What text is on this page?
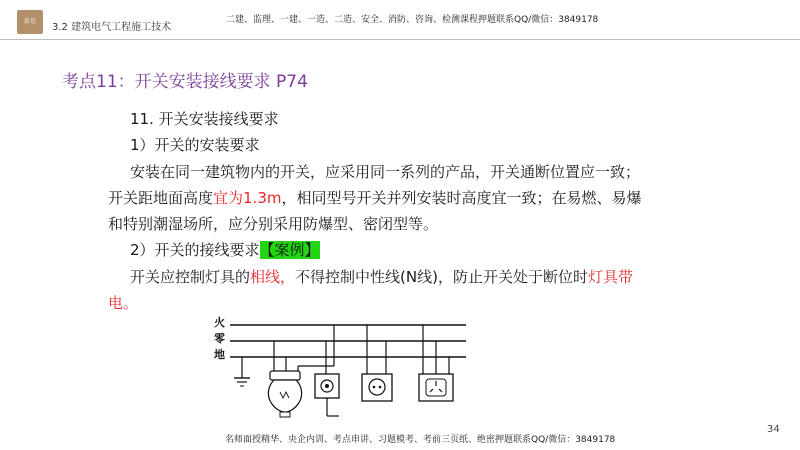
新思
3.2 建筑电气工程施工技术
二建、监理、一建、一造、二造、安全、消防、咨询、检测课程押题联系QQ/微信：3849178
考点11：开关安装接线要求 P74

11. 开关安装接线要求

1）开关的安装要求

安装在同一建筑物内的开关，应采用同一系列的产品，开关通断位置应一致；开关距地面高度宜为1.3m，相同型号开关并列安装时高度宜一致；在易燃、易爆和特别潮湿场所，应分别采用防爆型、密闭型等。

2）开关的接线要求【案例】

开关应控制灯具的相线，不得控制中性线(N线)，防止开关处于断位时灯具带电。

火
零
地
名师面授精华、央企内训、考点串讲、习题模考、考前三页纸、绝密押题联系QQ/微信：3849178
34
